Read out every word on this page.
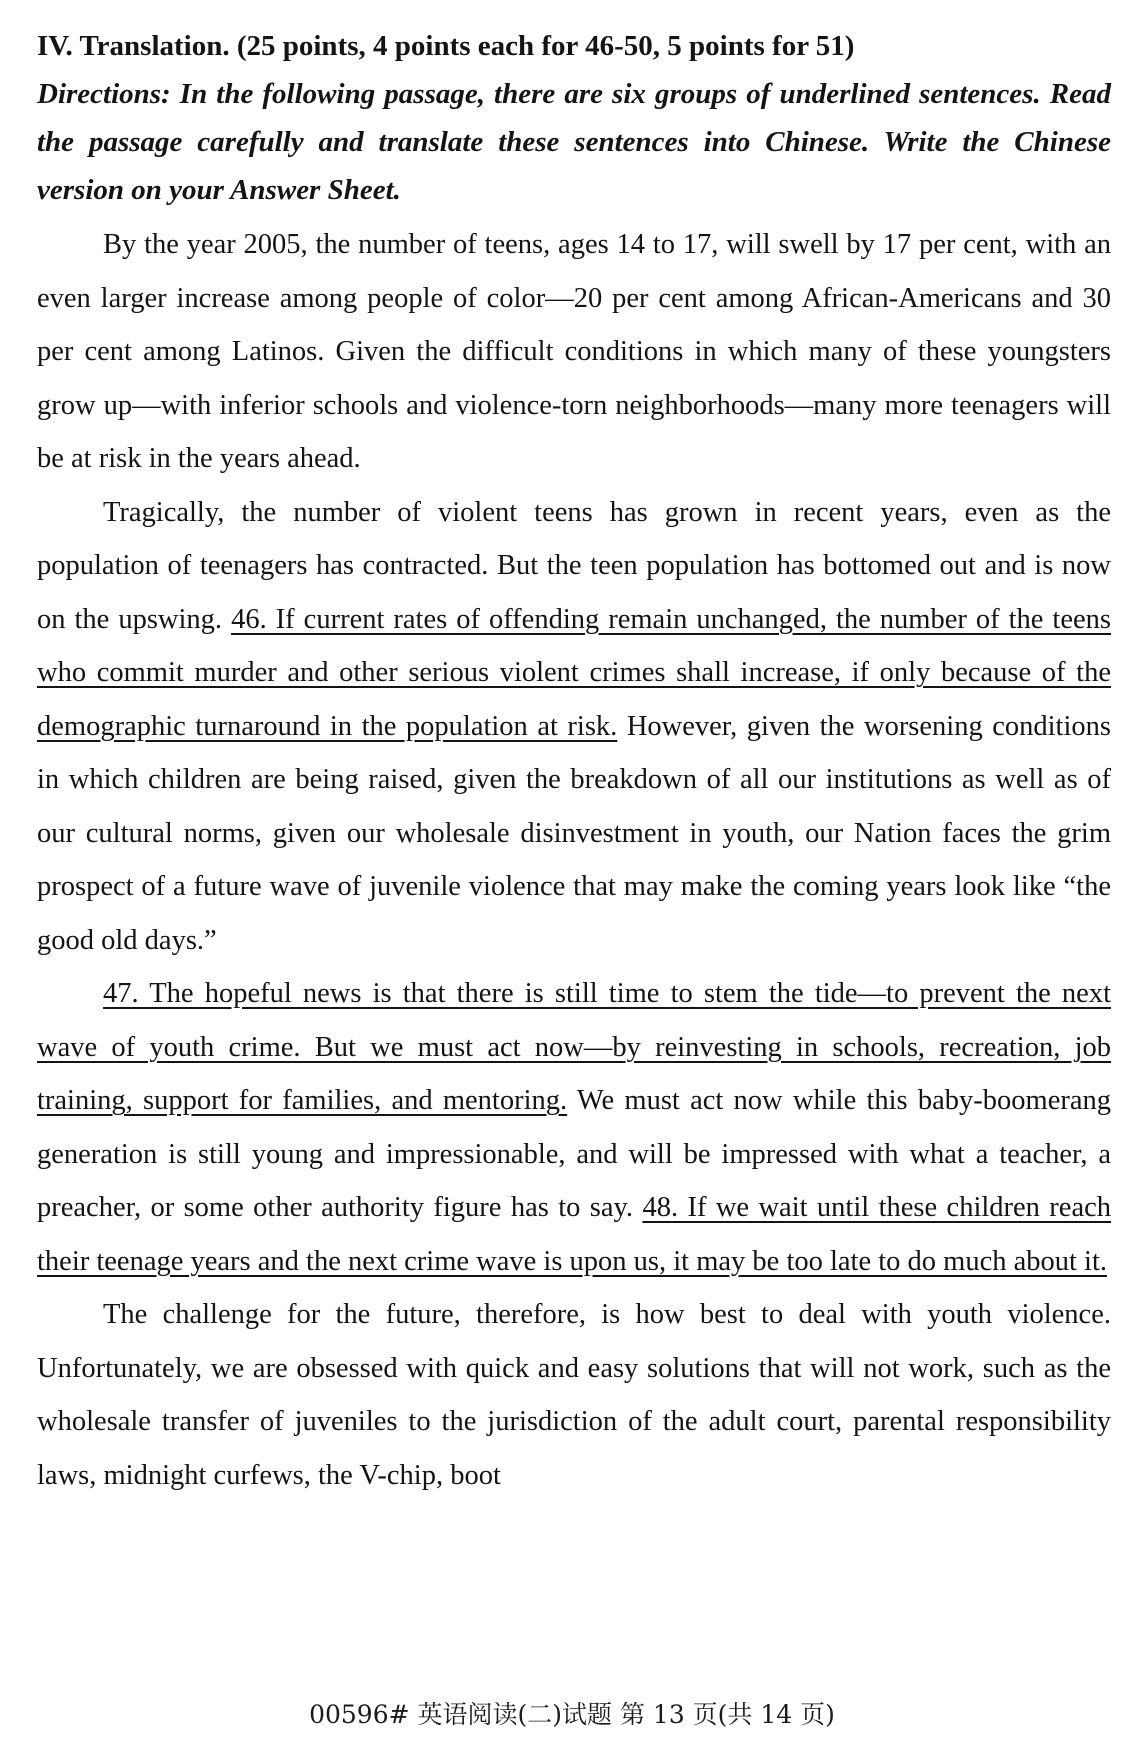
IV. Translation. (25 points, 4 points each for 46-50, 5 points for 51)

Directions: In the following passage, there are six groups of underlined sentences. Read the passage carefully and translate these sentences into Chinese. Write the Chinese version on your Answer Sheet.

By the year 2005, the number of teens, ages 14 to 17, will swell by 17 per cent, with an even larger increase among people of color—20 per cent among African-Americans and 30 per cent among Latinos. Given the difficult conditions in which many of these youngsters grow up—with inferior schools and violence-torn neighborhoods—many more teenagers will be at risk in the years ahead.

Tragically, the number of violent teens has grown in recent years, even as the population of teenagers has contracted. But the teen population has bottomed out and is now on the upswing. 46. If current rates of offending remain unchanged, the number of the teens who commit murder and other serious violent crimes shall increase, if only because of the demographic turnaround in the population at risk. However, given the worsening conditions in which children are being raised, given the breakdown of all our institutions as well as of our cultural norms, given our wholesale disinvestment in youth, our Nation faces the grim prospect of a future wave of juvenile violence that may make the coming years look like “the good old days.”

47. The hopeful news is that there is still time to stem the tide—to prevent the next wave of youth crime. But we must act now—by reinvesting in schools, recreation, job training, support for families, and mentoring. We must act now while this baby-boomerang generation is still young and impressionable, and will be impressed with what a teacher, a preacher, or some other authority figure has to say. 48. If we wait until these children reach their teenage years and the next crime wave is upon us, it may be too late to do much about it.

The challenge for the future, therefore, is how best to deal with youth violence. Unfortunately, we are obsessed with quick and easy solutions that will not work, such as the wholesale transfer of juveniles to the jurisdiction of the adult court, parental responsibility laws, midnight curfews, the V-chip, boot

00596# 英语阅读(二)试题 第 13 页(共 14 页)
